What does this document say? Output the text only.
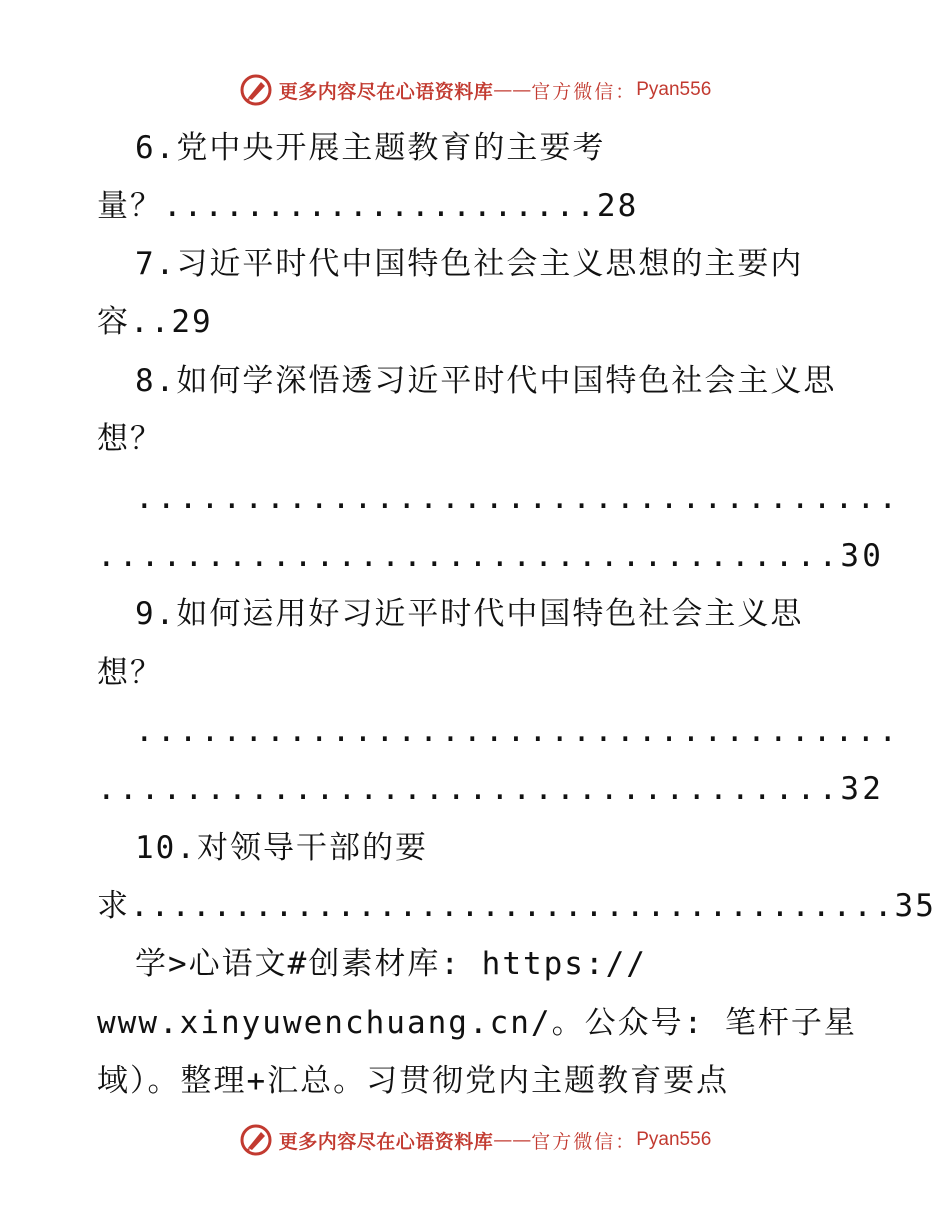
更多内容尽在心语资料库 —— 官方微信： Pyan556
6.党中央开展主题教育的主要考
量？.....................28
7.习近平时代中国特色社会主义思想的主要内
容..29
8.如何学深悟透习近平时代中国特色社会主义思
想？
...................................
..................................30
9.如何运用好习近平时代中国特色社会主义思
想？
...................................
..................................32
10.对领导干部的要
求.....................................35
学>心语文#创素材库: https://
www.xinyuwenchuang.cn/。公众号: 笔杆子星
域）。整理+汇总。习贯彻党内主题教育要点
更多内容尽在心语资料库 —— 官方微信： Pyan556
